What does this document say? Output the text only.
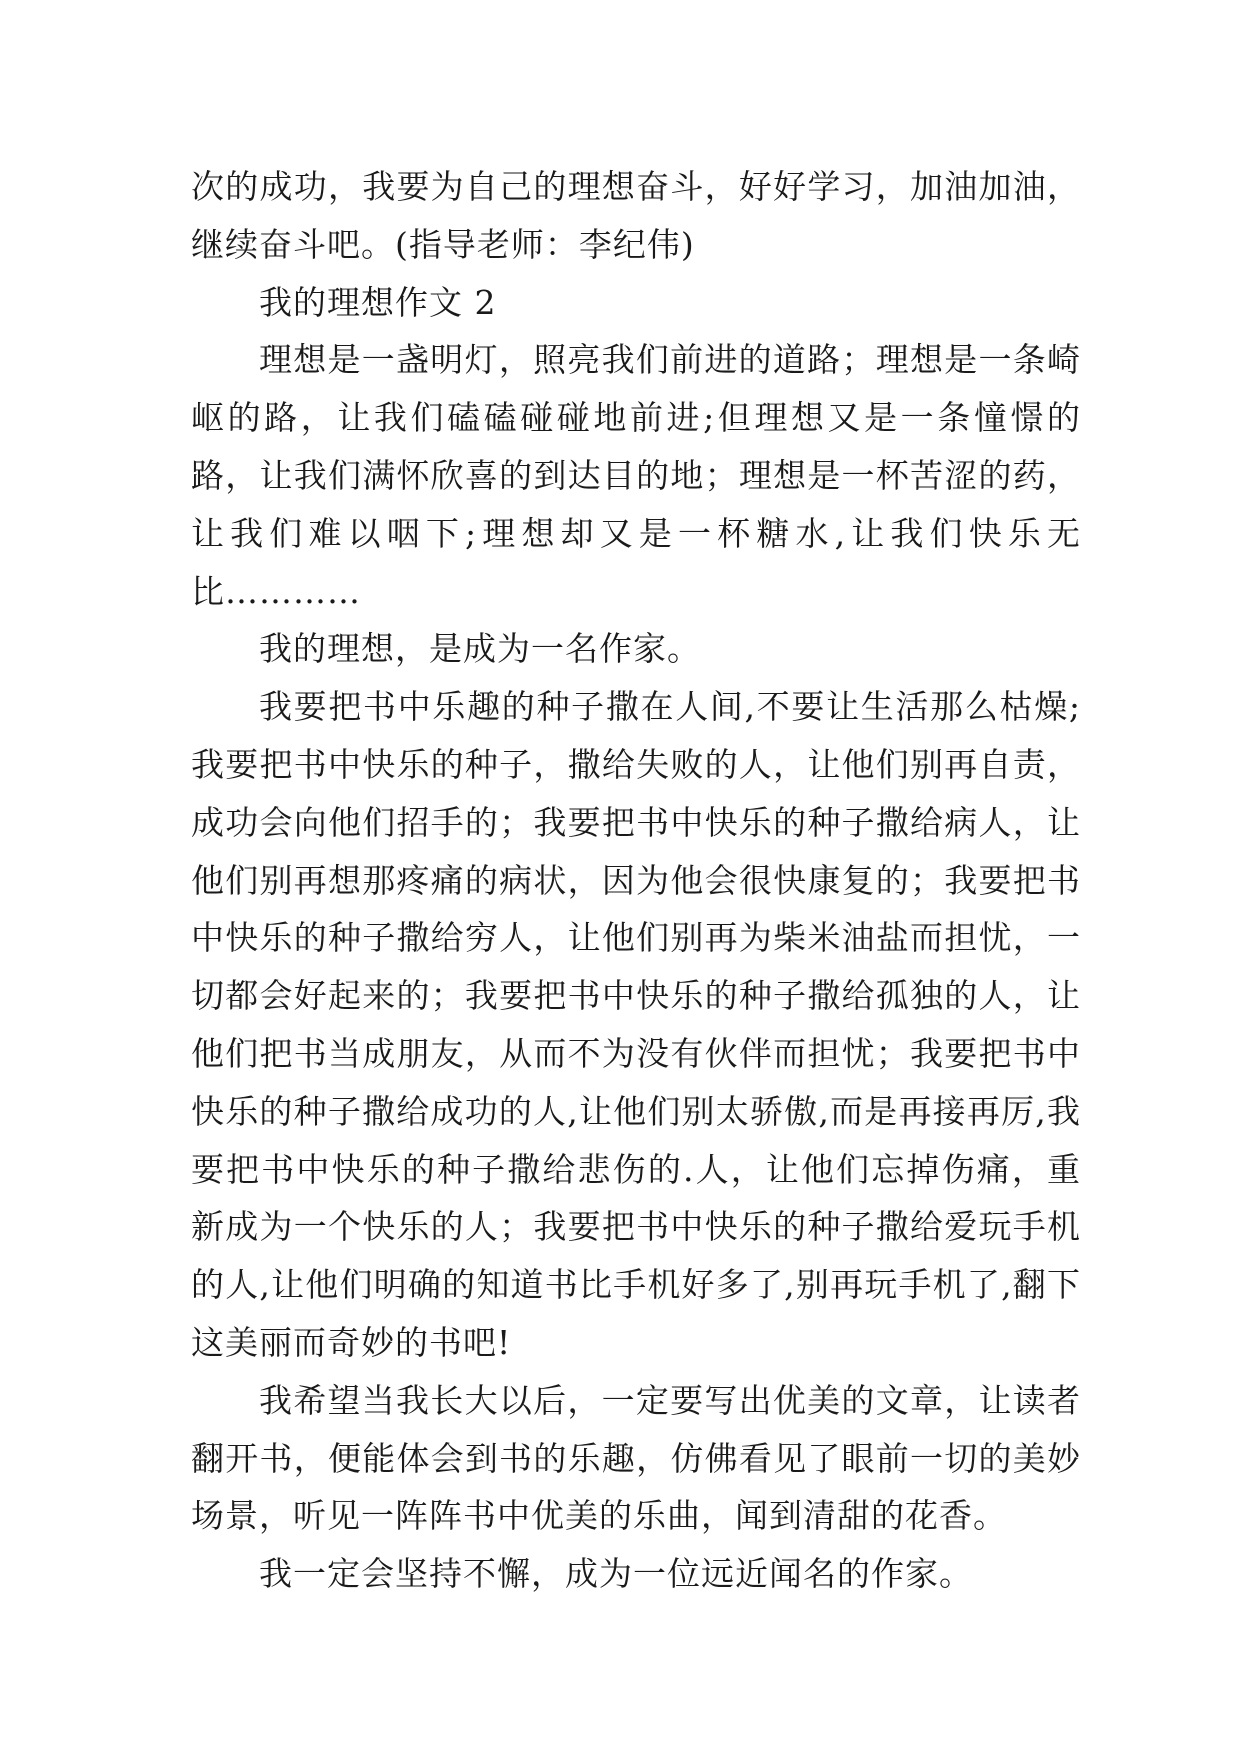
次的成功，我要为自己的理想奋斗，好好学习，加油加油，继续奋斗吧。(指导老师：李纪伟)

我的理想作文 2

理想是一盏明灯，照亮我们前进的道路；理想是一条崎岖的路，让我们磕磕碰碰地前进;但理想又是一条憧憬的路，让我们满怀欣喜的到达目的地；理想是一杯苦涩的药，让我们难以咽下;理想却又是一杯糖水,让我们快乐无比…………

我的理想，是成为一名作家。

我要把书中乐趣的种子撒在人间,不要让生活那么枯燥;我要把书中快乐的种子，撒给失败的人，让他们别再自责，成功会向他们招手的；我要把书中快乐的种子撒给病人，让他们别再想那疼痛的病状，因为他会很快康复的；我要把书中快乐的种子撒给穷人，让他们别再为柴米油盐而担忧，一切都会好起来的；我要把书中快乐的种子撒给孤独的人，让他们把书当成朋友，从而不为没有伙伴而担忧；我要把书中快乐的种子撒给成功的人,让他们别太骄傲,而是再接再厉,我要把书中快乐的种子撒给悲伤的.人，让他们忘掉伤痛，重新成为一个快乐的人；我要把书中快乐的种子撒给爱玩手机的人,让他们明确的知道书比手机好多了,别再玩手机了,翻下这美丽而奇妙的书吧!

我希望当我长大以后，一定要写出优美的文章，让读者翻开书，便能体会到书的乐趣，仿佛看见了眼前一切的美妙场景，听见一阵阵书中优美的乐曲，闻到清甜的花香。

我一定会坚持不懈，成为一位远近闻名的作家。
